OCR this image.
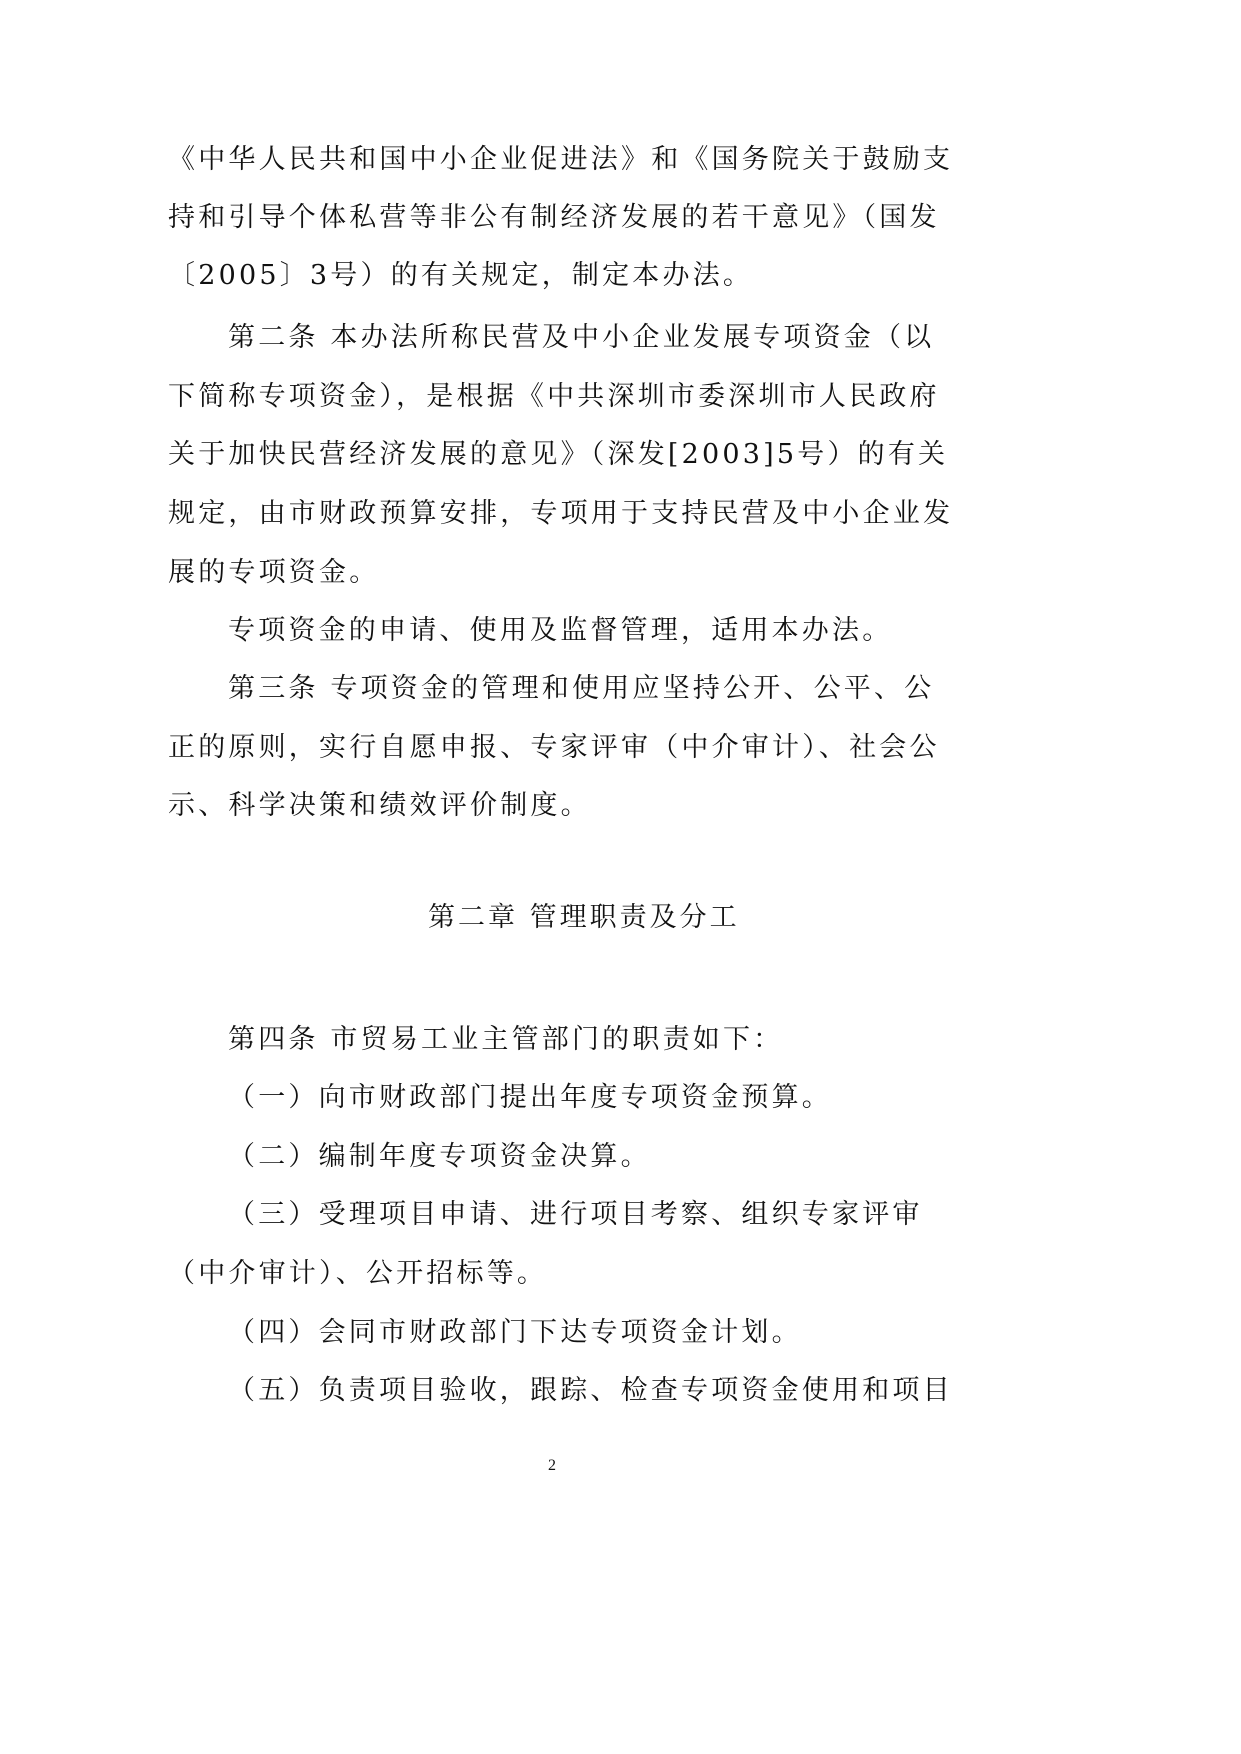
《中华人民共和国中小企业促进法》和《国务院关于鼓励支
持和引导个体私营等非公有制经济发展的若干意见》（国发
〔2005〕3号）的有关规定，制定本办法。
第二条 本办法所称民营及中小企业发展专项资金（以
下简称专项资金），是根据《中共深圳市委深圳市人民政府
关于加快民营经济发展的意见》（深发[2003]5号）的有关
规定，由市财政预算安排，专项用于支持民营及中小企业发
展的专项资金。
专项资金的申请、使用及监督管理，适用本办法。
第三条 专项资金的管理和使用应坚持公开、公平、公
正的原则，实行自愿申报、专家评审（中介审计）、社会公
示、科学决策和绩效评价制度。
第二章 管理职责及分工
第四条 市贸易工业主管部门的职责如下：
（一）向市财政部门提出年度专项资金预算。
（二）编制年度专项资金决算。
（三）受理项目申请、进行项目考察、组织专家评审
（中介审计）、公开招标等。
（四）会同市财政部门下达专项资金计划。
（五）负责项目验收，跟踪、检查专项资金使用和项目
2
